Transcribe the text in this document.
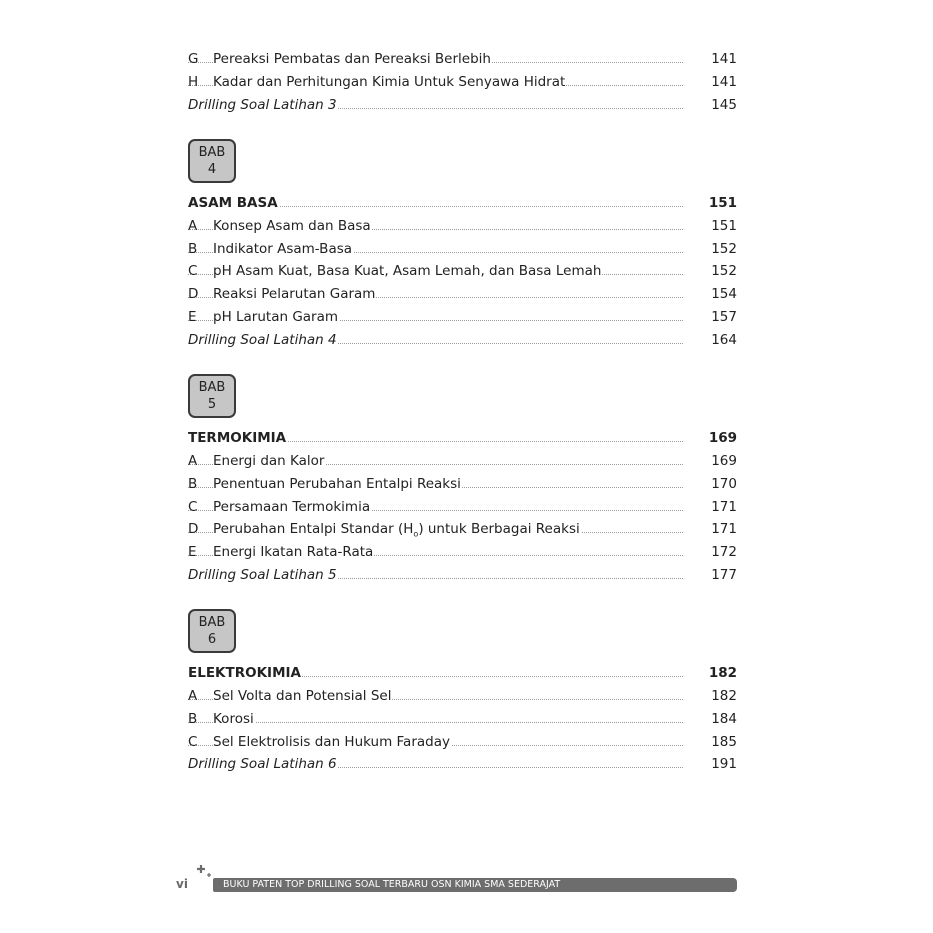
G	Pereaksi Pembatas dan Pereaksi Berlebih	141
H	Kadar dan Perhitungan Kimia Untuk Senyawa Hidrat	141
Drilling Soal Latihan 3	145
BAB
4
ASAM BASA	151
A	Konsep Asam dan Basa	151
B	Indikator Asam-Basa	152
C	pH Asam Kuat, Basa Kuat, Asam Lemah, dan Basa Lemah	152
D	Reaksi Pelarutan Garam	154
E	pH Larutan Garam	157
Drilling Soal Latihan 4	164
BAB
5
TERMOKIMIA	169
A	Energi dan Kalor	169
B	Penentuan Perubahan Entalpi Reaksi	170
C	Persamaan Termokimia	171
D	Perubahan Entalpi Standar $(H_o)$ untuk Berbagai Reaksi	171
E	Energi Ikatan Rata-Rata	172
Drilling Soal Latihan 5	177
BAB
6
ELEKTROKIMIA	182
A	Sel Volta dan Potensial Sel	182
B	Korosi	184
C	Sel Elektrolisis dan Hukum Faraday	185
Drilling Soal Latihan 6	191
vi	BUKU PATEN TOP DRILLING SOAL TERBARU OSN KIMIA SMA SEDERAJAT
